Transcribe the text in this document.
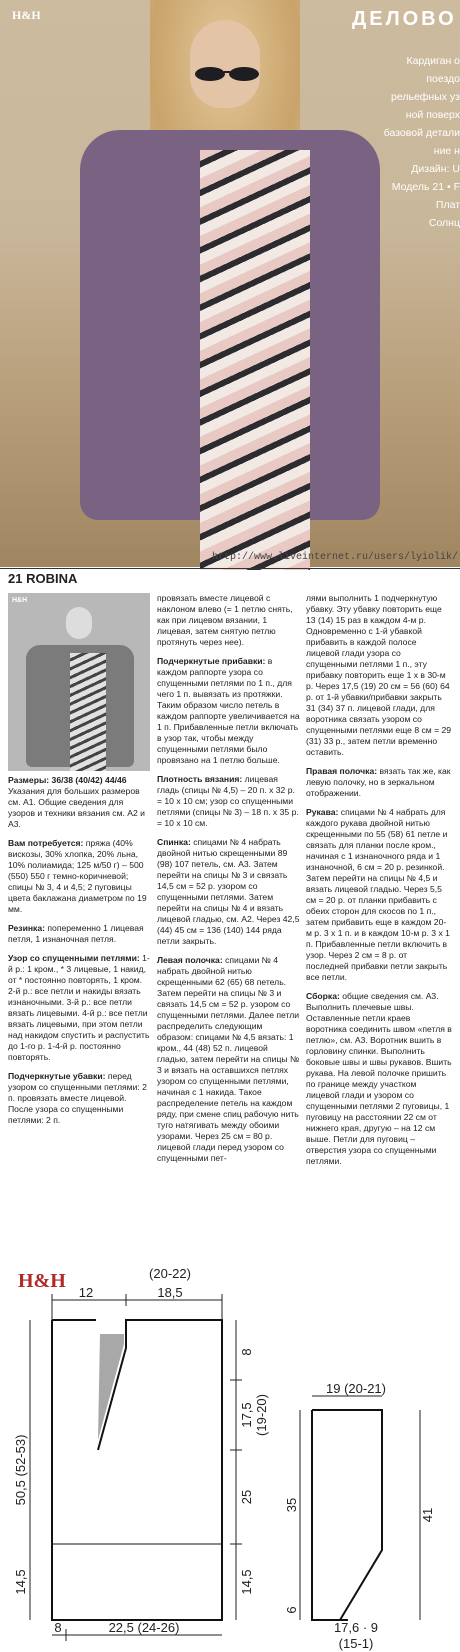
H&H	ДЕЛОВО
Кардиган о
поездо
рельефных уз
ной поверх
базовой детали
ние н
Дизайн: U
Модель 21 • F
Плат
Солнц
http://www.liveinternet.ru/users/lyiolik/
21 ROBINA
H&H

Размеры: 36/38 (40/42) 44/46
Указания для больших размеров см. А1. Общие сведения для узоров и техники вязания см. А2 и А3.

Вам потребуется: пряжа (40% вискозы, 30% хлопка, 20% льна, 10% полиамида; 125 м/50 г) – 500 (550) 550 г темно-коричневой; спицы № 3, 4 и 4,5; 2 пуговицы цвета баклажана диаметром по 19 мм.

Резинка: попеременно 1 лицевая петля, 1 изнаночная петля.

Узор со спущенными петлями: 1-й р.: 1 кром., * 3 лицевые, 1 накид, от * постоянно повторять, 1 кром. 2-й р.: все петли и накиды вязать изнаночными. 3-й р.: все петли вязать лицевыми. 4-й р.: все петли вязать лицевыми, при этом петли над накидом спустить и распустить до 1-го р. 1-4-й р. постоянно повторять.

Подчеркнутые убавки: перед узором со спущенными петлями: 2 п. провязать вместе лицевой. После узора со спущенными петлями: 2 п.

провязать вместе лицевой с наклоном влево (= 1 петлю снять, как при лицевом вязании, 1 лицевая, затем снятую петлю протянуть через нее).

Подчеркнутые прибавки: в каждом раппорте узора со спущенными петлями по 1 п., для чего 1 п. вывязать из протяжки. Таким образом число петель в каждом раппорте увеличивается на 1 п. Прибавленные петли включать в узор так, чтобы между спущенными петлями было провязано на 1 петлю больше.

Плотность вязания: лицевая гладь (спицы № 4,5) – 20 п. х 32 р. = 10 х 10 см; узор со спущенными петлями (спицы № 3) – 18 п. х 35 р. = 10 х 10 см.

Спинка: спицами № 4 набрать двойной нитью скрещенными 89 (98) 107 петель, см. А3. Затем перейти на спицы № 3 и связать 14,5 см = 52 р. узором со спущенными петлями. Затем перейти на спицы № 4 и вязать лицевой гладью, см. А2. Через 42,5 (44) 45 см = 136 (140) 144 ряда петли закрыть.

Левая полочка: спицами № 4 набрать двойной нитью скрещенными 62 (65) 68 петель. Затем перейти на спицы № 3 и связать 14,5 см = 52 р. узором со спущенными петлями. Далее петли распределить следующим образом: спицами № 4,5 вязать: 1 кром., 44 (48) 52 п. лицевой гладью, затем перейти на спицы № 3 и вязать на оставшихся петлях узором со спущенными петлями, начиная с 1 накида. Такое распределение петель на каждом ряду, при смене спиц рабочую нить туго натягивать между обоими узорами. Через 25 см = 80 р. лицевой глади перед узором со спущенными пет-

лями выполнить 1 подчеркнутую убавку. Эту убавку повторить еще 13 (14) 15 раз в каждом 4-м р. Одновременно с 1-й убавкой прибавить в каждой полосе лицевой глади узора со спущенными петлями 1 п., эту прибавку повторить еще 1 х в 30-м р. Через 17,5 (19) 20 см = 56 (60) 64 р. от 1-й убавки/прибавки закрыть 31 (34) 37 п. лицевой глади, для воротника связать узором со спущенными петлями еще 8 см = 29 (31) 33 р., затем петли временно оставить.

Правая полочка: вязать так же, как левую полочку, но в зеркальном отображении.

Рукава: спицами № 4 набрать для каждого рукава двойной нитью скрещенными по 55 (58) 61 петле и связать для планки после кром., начиная с 1 изнаночного ряда и 1 изнаночной, 6 см = 20 р. резинкой. Затем перейти на спицы № 4,5 и вязать лицевой гладью. Через 5,5 см = 20 р. от планки прибавить с обеих сторон для скосов по 1 п., затем прибавить еще в каждом 20-м р. 3 х 1 п. и в каждом 10-м р. 3 х 1 п. Прибавленные петли включить в узор. Через 2 см = 8 р. от последней прибавки петли закрыть все петли.

Сборка: общие сведения см. А3. Выполнить плечевые швы. Оставленные петли краев воротника соединить швом «петля в петлю», см. А3. Воротник вшить в горловину спинки. Выполнить боковые швы и швы рукавов. Вшить рукава. На левой полочке пришить по границе между участком лицевой глади и узором со спущенными петлями 2 пуговицы, 1 пуговицу на расстоянии 22 см от нижнего края, другую – на 12 см выше. Петли для пуговиц – отверстия узора со спущенными петлями.

H&H
12	18,5
(20-22)
8
17,5 (19-20)
25
14,5
50,5 (52-53)
14,5
8	22,5 (24-26)
19 (20-21)
35
6
41
17,6 · 9
(15-1)
